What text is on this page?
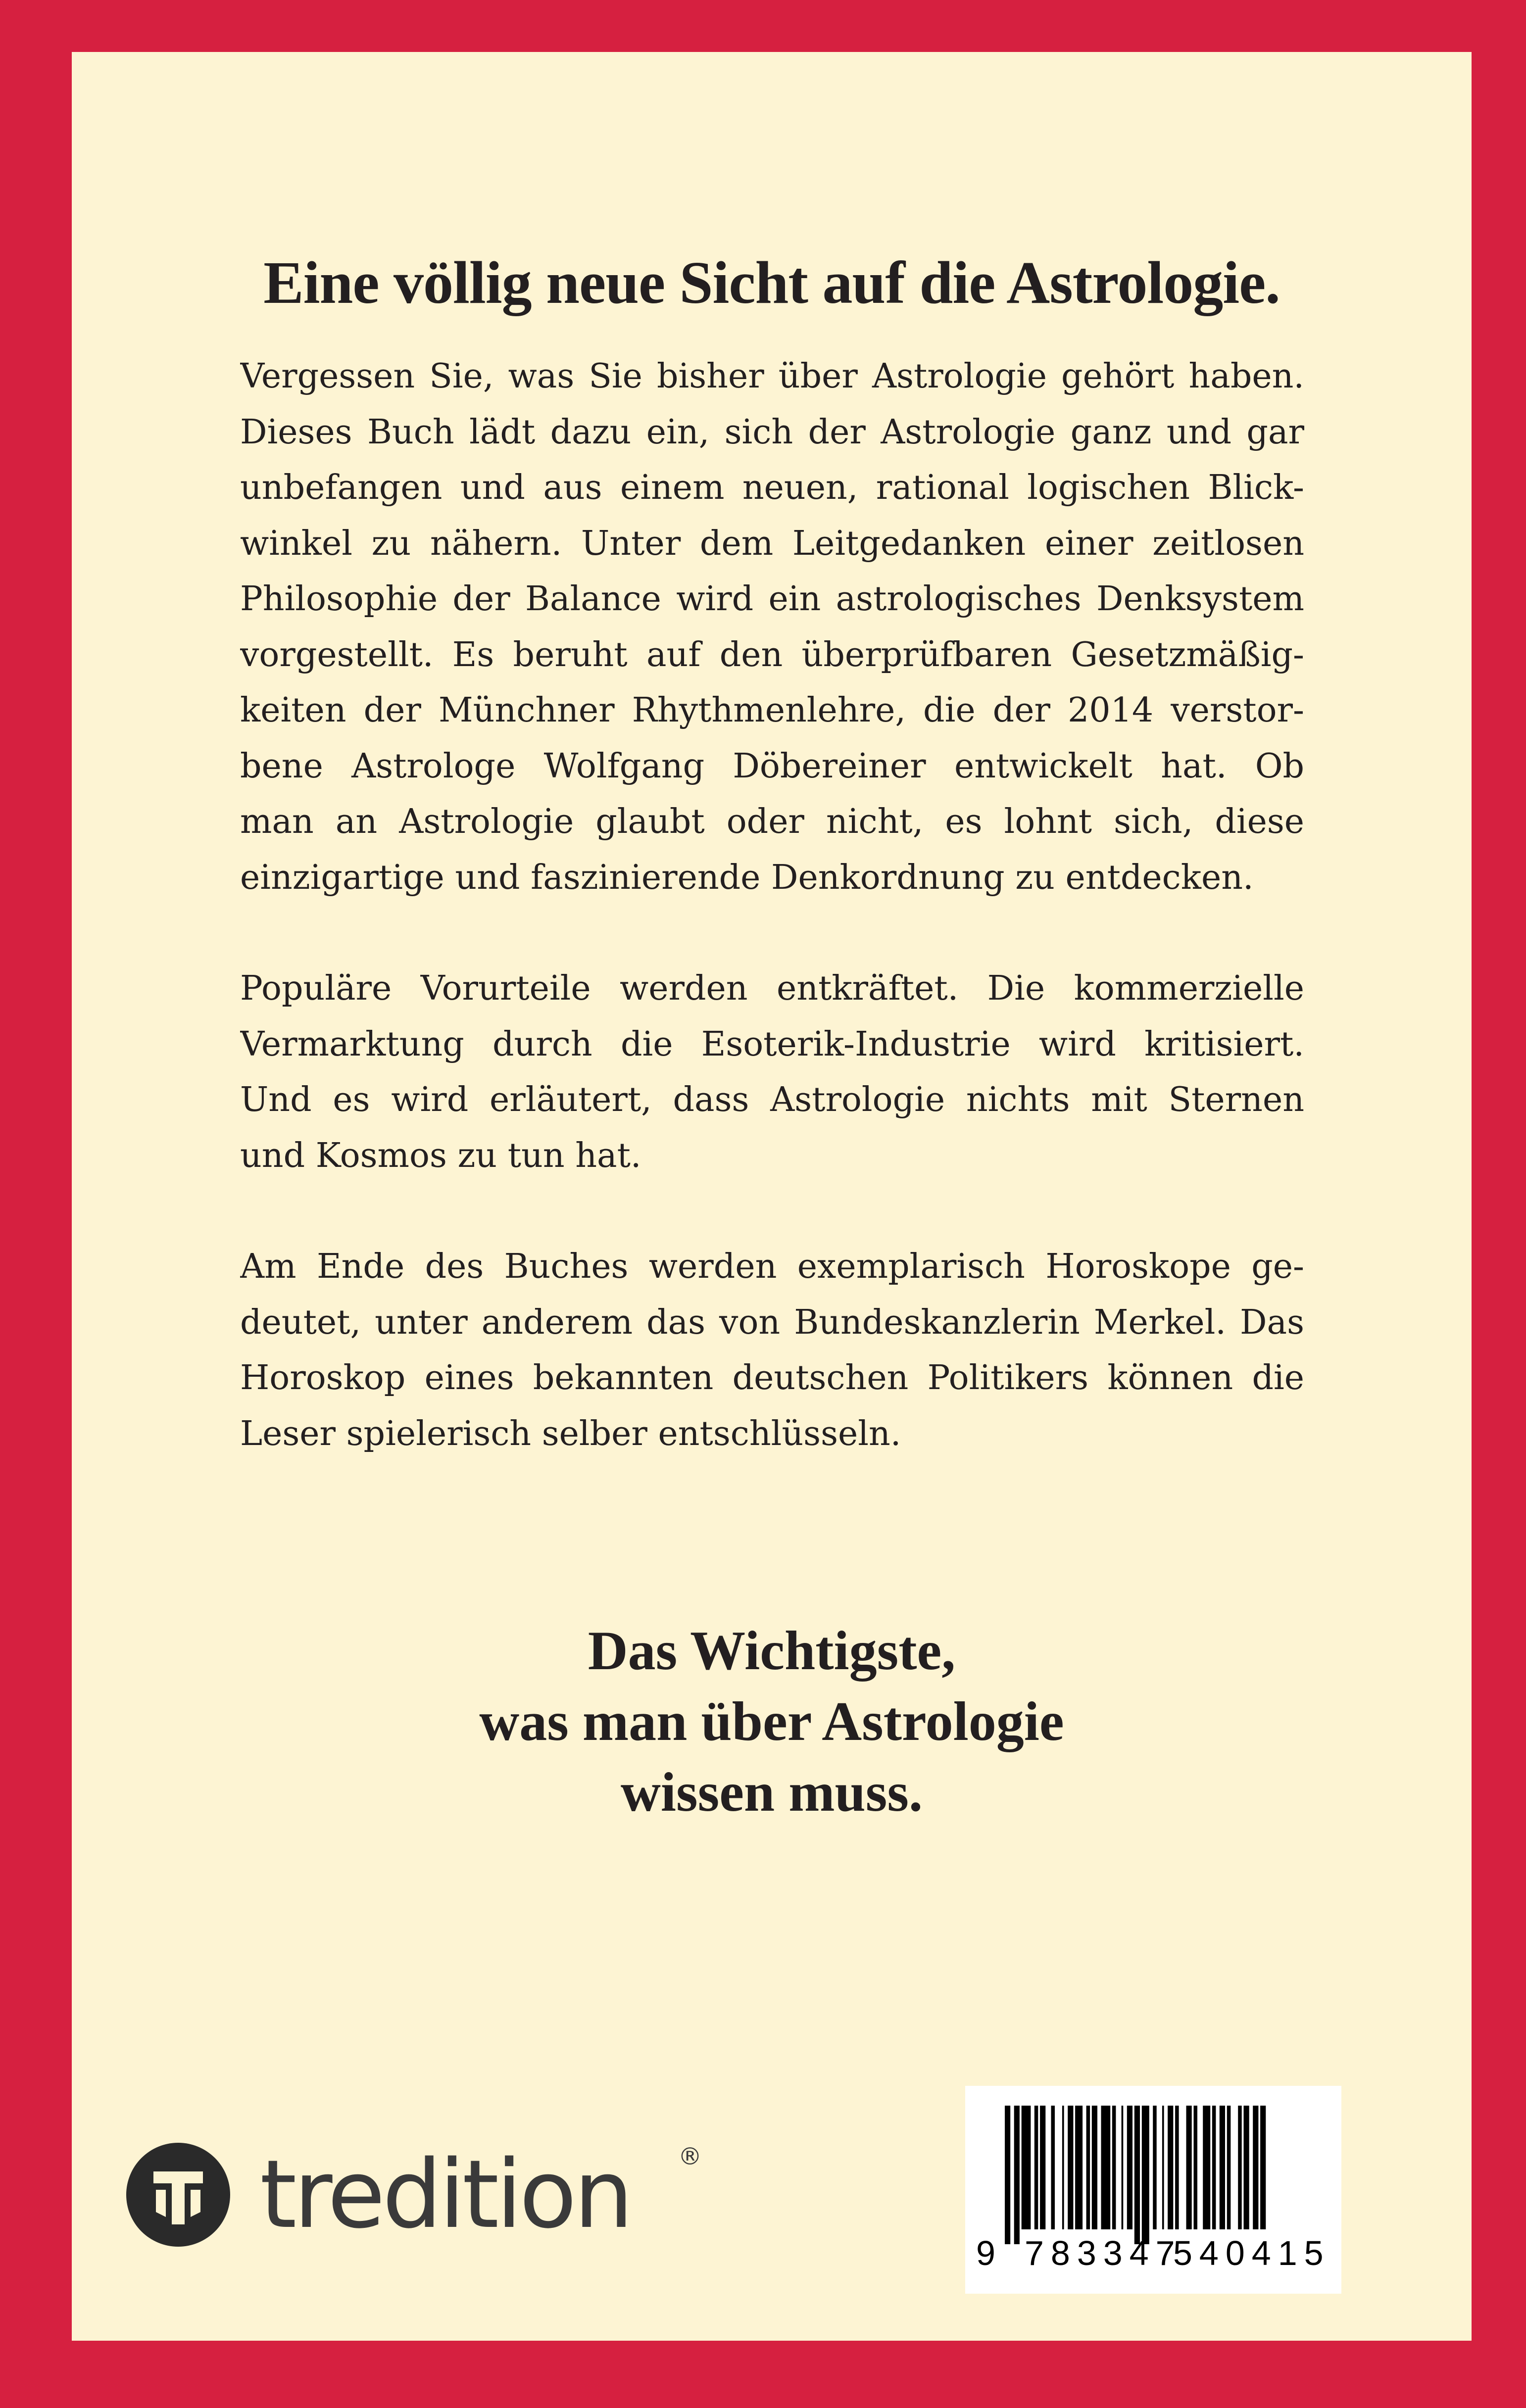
Eine völlig neue Sicht auf die Astrologie.

Vergessen Sie, was Sie bisher über Astrologie gehört haben.
Dieses Buch lädt dazu ein, sich der Astrologie ganz und gar
unbefangen und aus einem neuen, rational logischen Blick-
winkel zu nähern. Unter dem Leitgedanken einer zeitlosen
Philosophie der Balance wird ein astrologisches Denksystem
vorgestellt. Es beruht auf den überprüfbaren Gesetzmäßig-
keiten der Münchner Rhythmenlehre, die der 2014 verstor-
bene Astrologe Wolfgang Döbereiner entwickelt hat. Ob
man an Astrologie glaubt oder nicht, es lohnt sich, diese
einzigartige und faszinierende Denkordnung zu entdecken.

Populäre Vorurteile werden entkräftet. Die kommerzielle
Vermarktung durch die Esoterik-Industrie wird kritisiert.
Und es wird erläutert, dass Astrologie nichts mit Sternen
und Kosmos zu tun hat.

Am Ende des Buches werden exemplarisch Horoskope ge-
deutet, unter anderem das von Bundeskanzlerin Merkel. Das
Horoskop eines bekannten deutschen Politikers können die
Leser spielerisch selber entschlüsseln.

Das Wichtigste,
was man über Astrologie
wissen muss.
tredition ®
9 783347
540415
